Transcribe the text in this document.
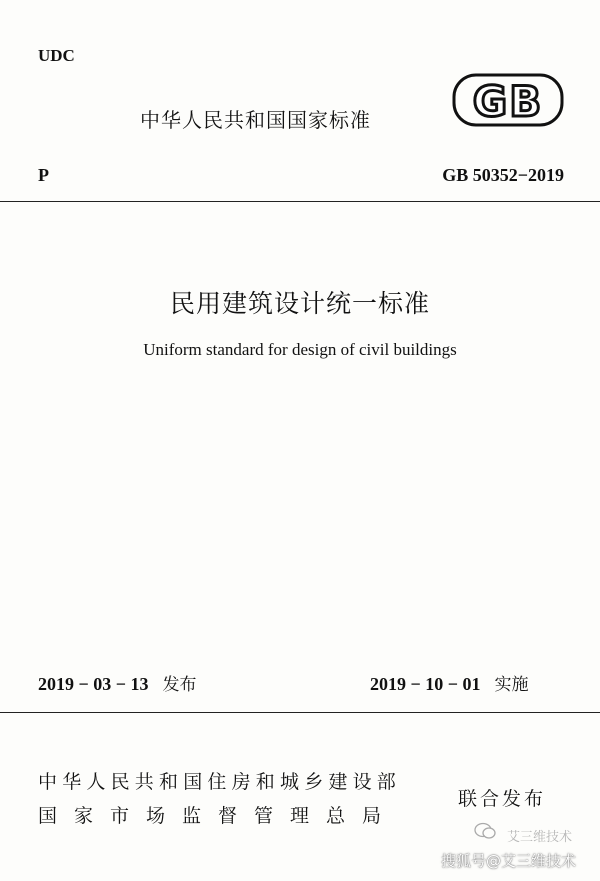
UDC
中华人民共和国国家标准 GB
P	GB 50352−2019
民用建筑设计统一标准
Uniform standard for design of civil buildings
2019 − 03 − 13 发布	2019 − 10 − 01 实施
中华人民共和国住房和城乡建设部
国家市场监督管理总局
联合发布
艾三维技术
搜狐号@艾三维技术
